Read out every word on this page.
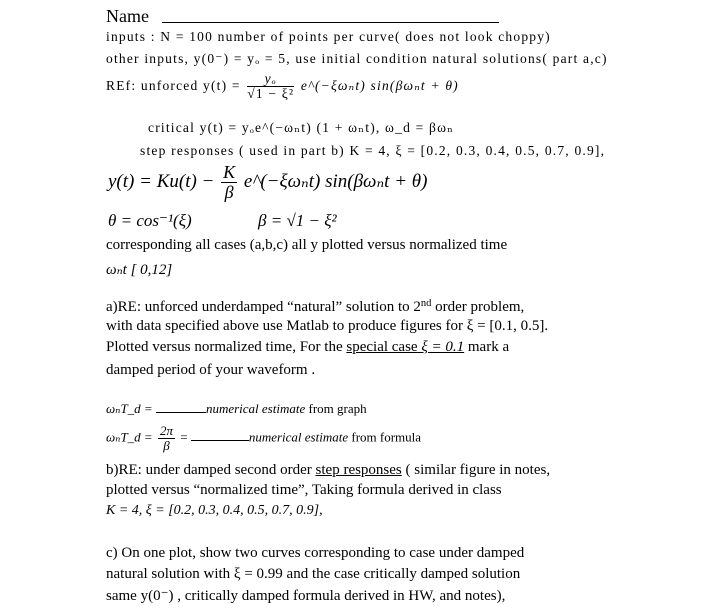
Name
inputs : N = 100 number of points per curve( does not look choppy)
other inputs, y(0⁻) = yₒ = 5, use initial condition natural solutions( part a,c)
REf: unforced $y(t) = \frac{\text{yₒ}}{\text{√1 − ξ²}}$ e^(−ξωₙt) sin(βωₙt + θ)
critical y(t) = yₒe^(−ωₙt) (1 + ωₙt), ω_d = βωₙ
step responses ( used in part b) K = 4, ξ = [0.2, 0.3, 0.4, 0.5, 0.7, 0.9],
$y(t) = Ku(t) - \frac{K}{\beta}$ e^(−ξωₙt) sin(βωₙt + θ)
θ = cos⁻¹(ξ)	β = √1 − ξ²
corresponding all cases (a,b,c) all y plotted versus normalized time
ωₙt [ 0,12]
a)RE: unforced underdamped “natural” solution to 2nd order problem,
with data specified above use Matlab to produce figures for ξ = [0.1, 0.5].
Plotted versus normalized time, For the special case ξ = 0.1 mark a
damped period of your waveform .
ωₙT_d =	numerical estimate from graph
ωₙT_d = $\frac{2\pi}{\beta}$ =	numerical estimate from formula
b)RE: under damped second order step responses ( similar figure in notes,
plotted versus “normalized time”, Taking formula derived in class
K = 4, ξ = [0.2, 0.3, 0.4, 0.5, 0.7, 0.9],
c) On one plot, show two curves corresponding to case under damped
natural solution with ξ = 0.99 and the case critically damped solution
same y(0⁻) , critically damped formula derived in HW, and notes),
